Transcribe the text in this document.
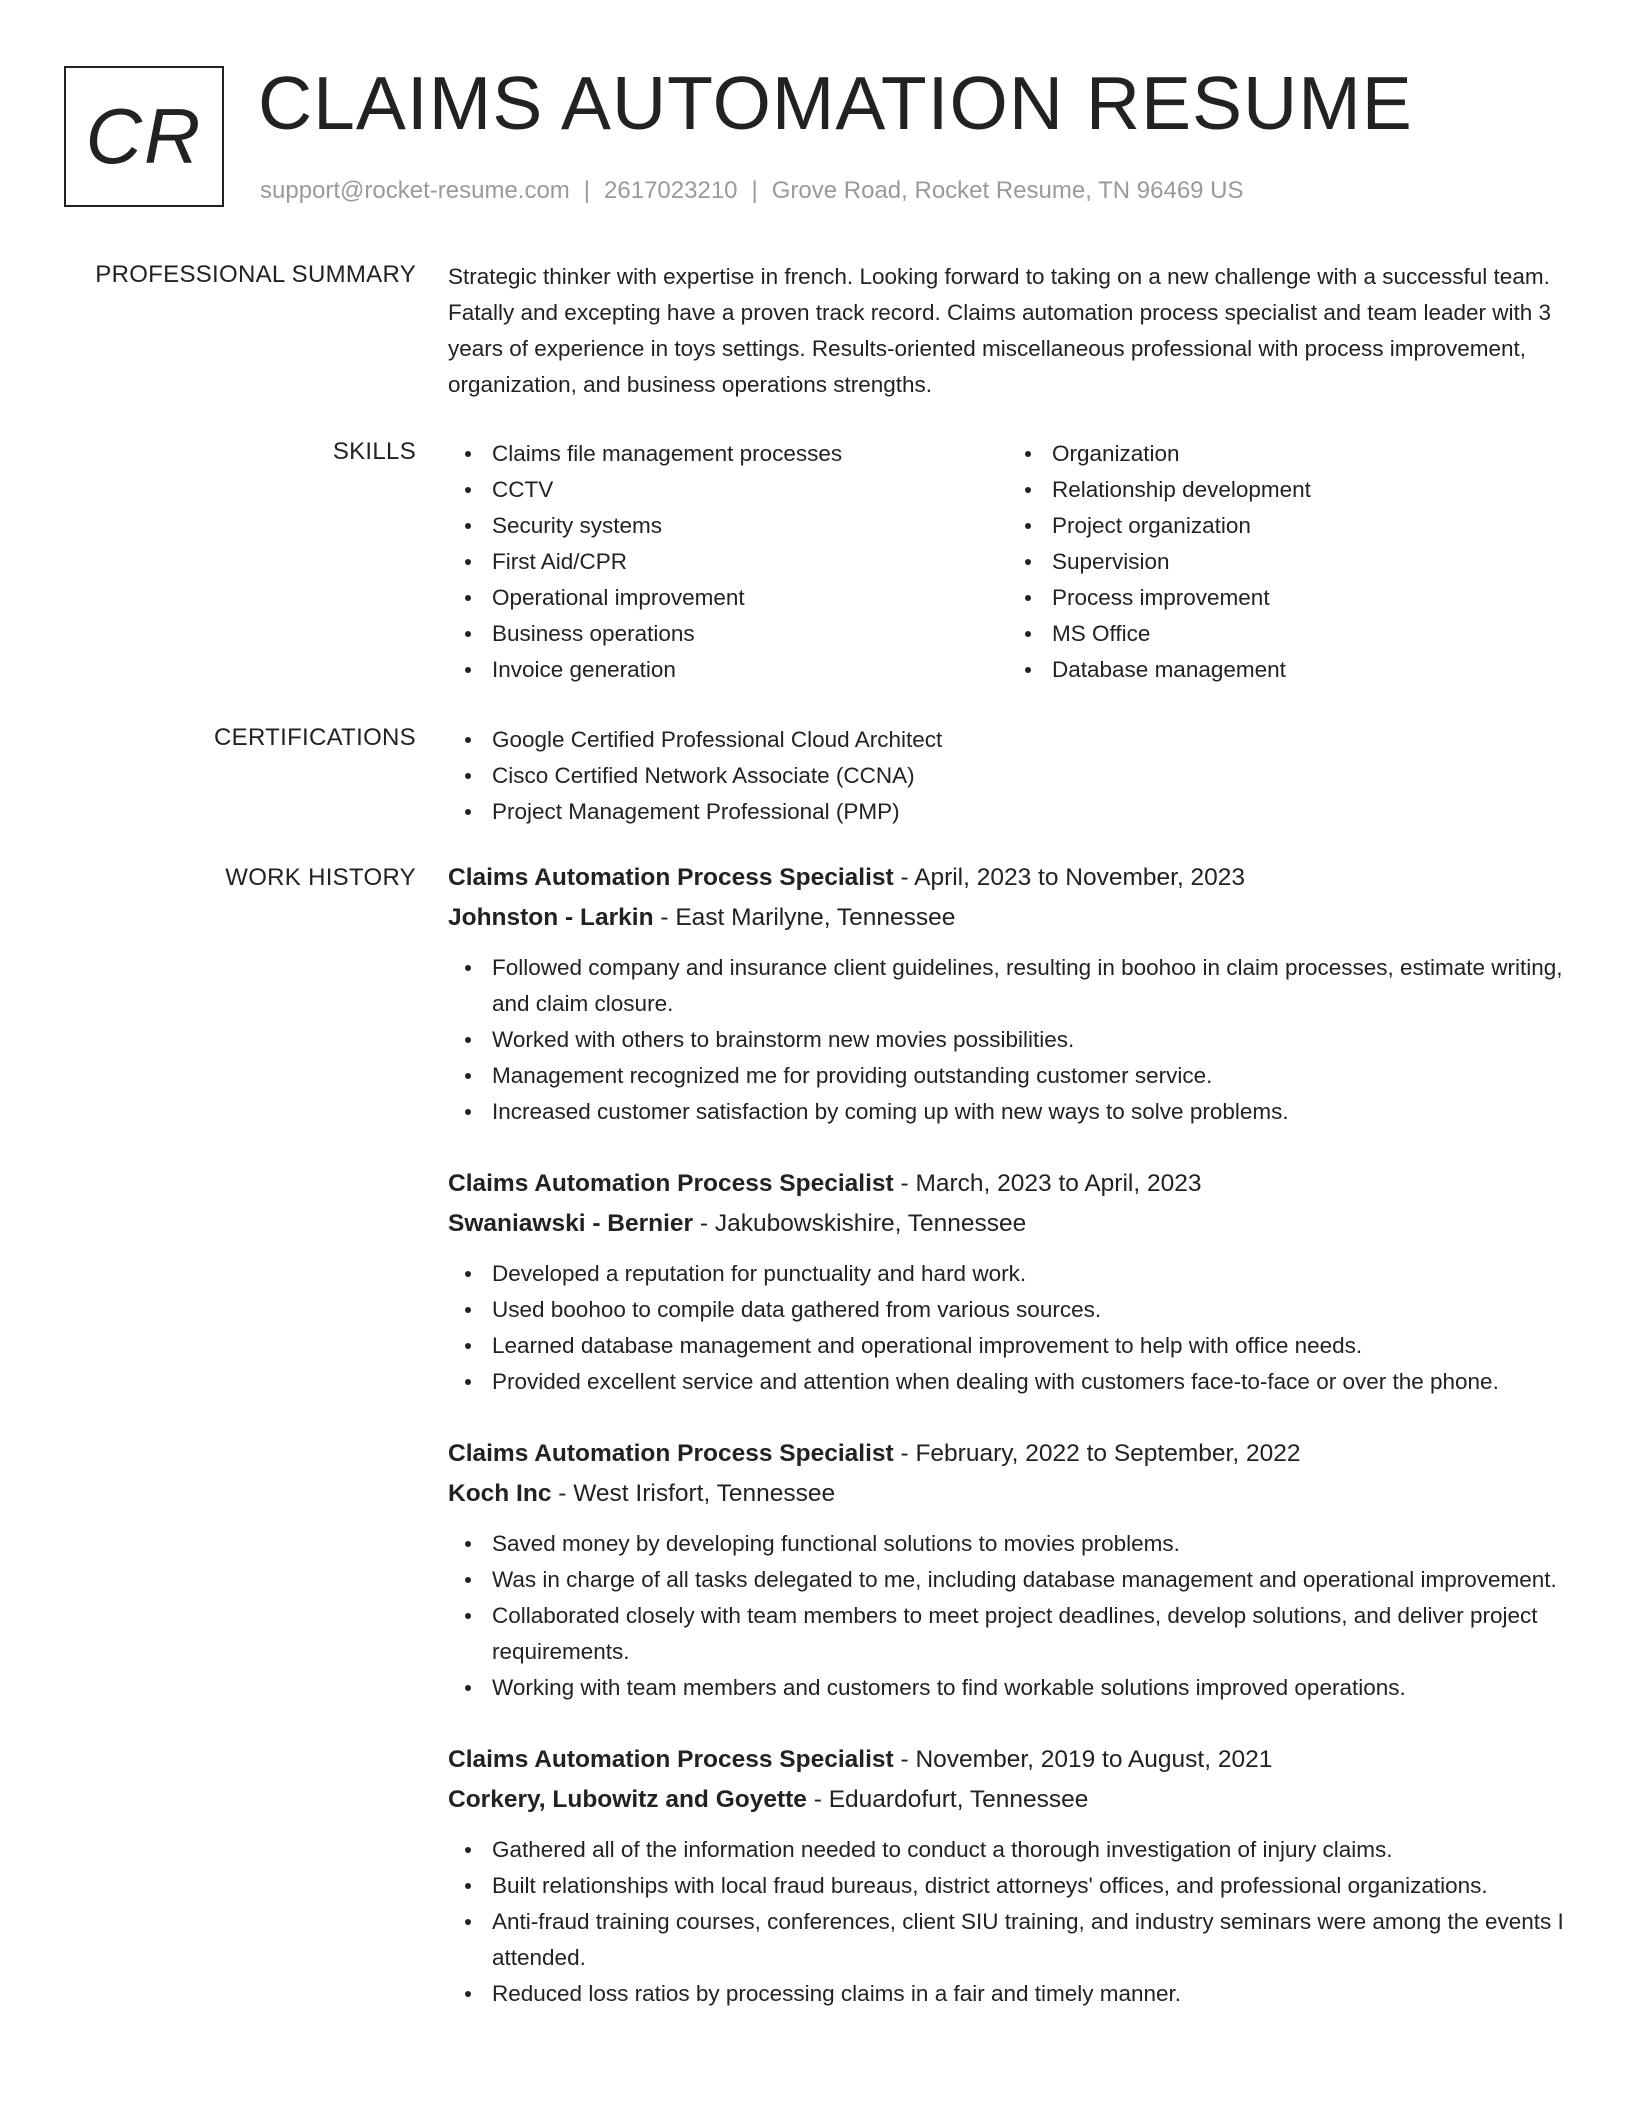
CR CLAIMS AUTOMATION RESUME
support@rocket-resume.com | 2617023210 | Grove Road, Rocket Resume, TN 96469 US
PROFESSIONAL SUMMARY Strategic thinker with expertise in french. Looking forward to taking on a new challenge with a successful team. Fatally and excepting have a proven track record. Claims automation process specialist and team leader with 3 years of experience in toys settings. Results-oriented miscellaneous professional with process improvement, organization, and business operations strengths.

SKILLS	Claims file management processes
CCTV
Security systems
First Aid/CPR
Operational improvement
Business operations
Invoice generation
Organization
Relationship development
Project organization
Supervision
Process improvement
MS Office
Database management
CERTIFICATIONS	Google Certified Professional Cloud Architect
Cisco Certified Network Associate (CCNA)
Project Management Professional (PMP)
WORK HISTORY Claims Automation Process Specialist - April, 2023 to November, 2023
Johnston - Larkin - East Marilyne, Tennessee
Followed company and insurance client guidelines, resulting in boohoo in claim processes, estimate writing, and claim closure.
Worked with others to brainstorm new movies possibilities.
Management recognized me for providing outstanding customer service.
Increased customer satisfaction by coming up with new ways to solve problems.
Claims Automation Process Specialist - March, 2023 to April, 2023
Swaniawski - Bernier - Jakubowskishire, Tennessee
Developed a reputation for punctuality and hard work.
Used boohoo to compile data gathered from various sources.
Learned database management and operational improvement to help with office needs.
Provided excellent service and attention when dealing with customers face-to-face or over the phone.
Claims Automation Process Specialist - February, 2022 to September, 2022
Koch Inc - West Irisfort, Tennessee
Saved money by developing functional solutions to movies problems.
Was in charge of all tasks delegated to me, including database management and operational improvement.
Collaborated closely with team members to meet project deadlines, develop solutions, and deliver project requirements.
Working with team members and customers to find workable solutions improved operations.
Claims Automation Process Specialist - November, 2019 to August, 2021
Corkery, Lubowitz and Goyette - Eduardofurt, Tennessee
Gathered all of the information needed to conduct a thorough investigation of injury claims.
Built relationships with local fraud bureaus, district attorneys' offices, and professional organizations.
Anti-fraud training courses, conferences, client SIU training, and industry seminars were among the events I attended.
Reduced loss ratios by processing claims in a fair and timely manner.
